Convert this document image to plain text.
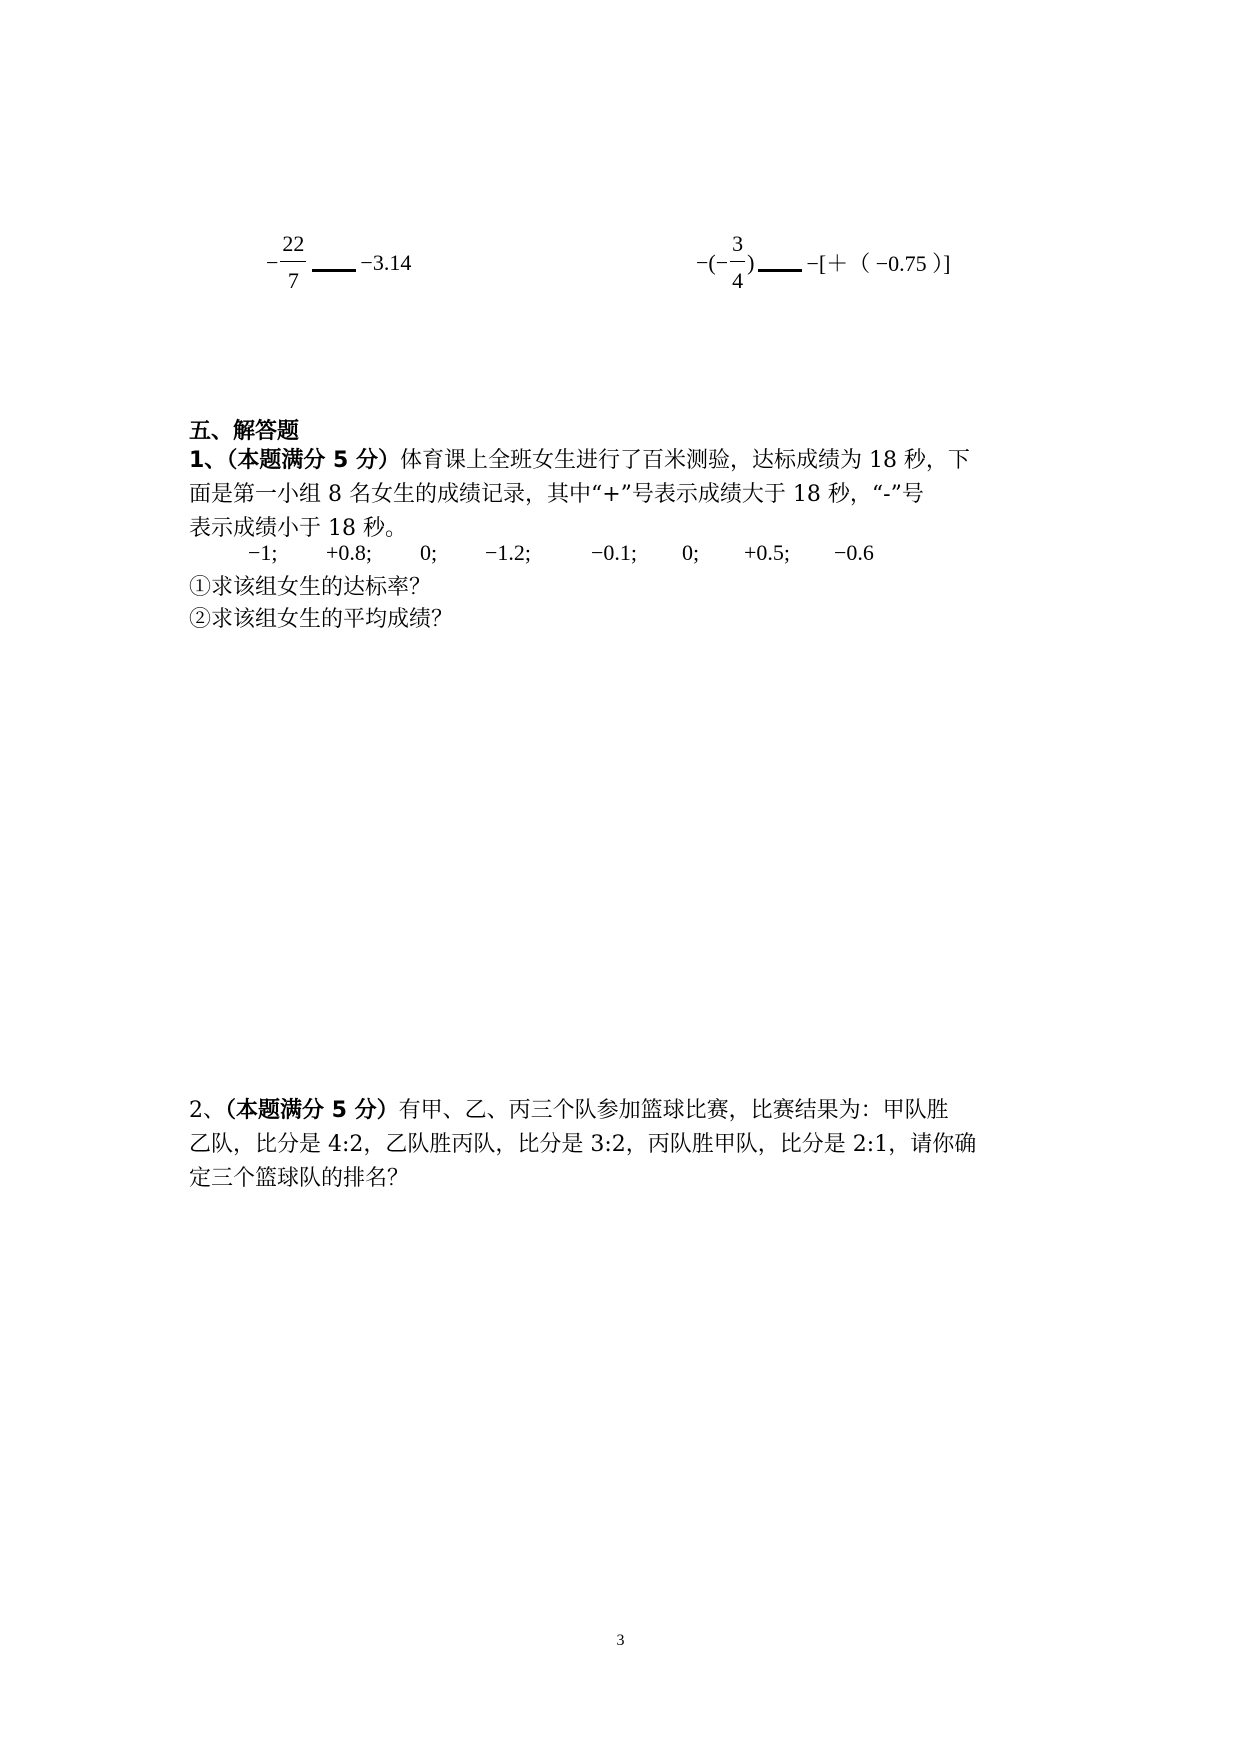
− $\frac{22}{7} -3.14$	−(− $\frac{3}{4}$ ) −[＋（ −0.75 ）]
五、解答题
1、（本题满分 5 分）体育课上全班女生进行了百米测验，达标成绩为 18 秒，下
面是第一小组 8 名女生的成绩记录，其中“+”号表示成绩大于 18 秒，“-”号
表示成绩小于 18 秒。
−1; +0.8; 0; −1.2;	−0.1; 0; +0.5; −0.6
①求该组女生的达标率？
②求该组女生的平均成绩？
2、（本题满分 5 分）有甲、乙、丙三个队参加篮球比赛，比赛结果为：甲队胜
乙队，比分是 4:2，乙队胜丙队，比分是 3:2，丙队胜甲队，比分是 2:1，请你确
定三个篮球队的排名？
3
